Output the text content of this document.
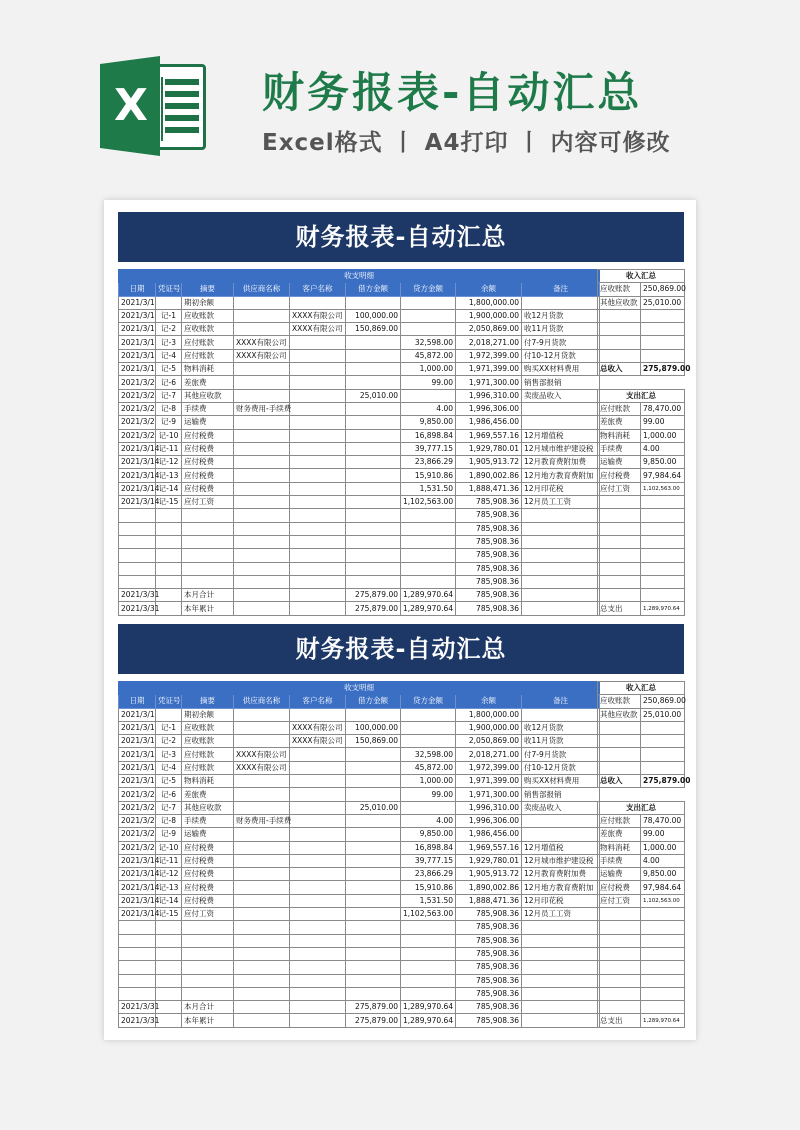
X	财务报表-自动汇总
Excel格式 丨 A4打印 丨 内容可修改
财务报表-自动汇总
收支明细								
日期	凭证号	摘要	供应商名称	客户名称	借方金额	贷方金额	余额	备注
2021/3/1		期初余额					1,800,000.00	
2021/3/1	记-1	应收账款		XXXX有限公司	100,000.00		1,900,000.00	收12月货款
2021/3/1	记-2	应收账款		XXXX有限公司	150,869.00		2,050,869.00	收11月货款
2021/3/1	记-3	应付账款	XXXX有限公司			32,598.00	2,018,271.00	付7-9月货款
2021/3/1	记-4	应付账款	XXXX有限公司			45,872.00	1,972,399.00	付10-12月货款
2021/3/1	记-5	物料消耗				1,000.00	1,971,399.00	购买XX材料费用
2021/3/2	记-6	差旅费				99.00	1,971,300.00	销售部报销
2021/3/2	记-7	其他应收款			25,010.00		1,996,310.00	卖废品收入
2021/3/2	记-8	手续费	财务费用-手续费			4.00	1,996,306.00	
2021/3/2	记-9	运输费				9,850.00	1,986,456.00	
2021/3/2	记-10	应付税费				16,898.84	1,969,557.16	12月增值税
2021/3/14	记-11	应付税费				39,777.15	1,929,780.01	12月城市维护建设税
2021/3/14	记-12	应付税费				23,866.29	1,905,913.72	12月教育费附加费
2021/3/14	记-13	应付税费				15,910.86	1,890,002.86	12月地方教育费附加
2021/3/14	记-14	应付税费				1,531.50	1,888,471.36	12月印花税
2021/3/14	记-15	应付工资				1,102,563.00	785,908.36	12月员工工资
							785,908.36	
							785,908.36	
							785,908.36	
							785,908.36	
							785,908.36	
							785,908.36	
2021/3/31		本月合计			275,879.00	1,289,970.64	785,908.36	
2021/3/31		本年累计			275,879.00	1,289,970.64	785,908.36	
收入汇总	
应收账款	250,869.00
其他应收款	25,010.00

总收入	275,879.00

支出汇总	
应付账款	78,470.00
差旅费	99.00
物料消耗	1,000.00
手续费	4.00
运输费	9,850.00
应付税费	97,984.64
应付工资	1,102,563.00

总支出	1,289,970.64
财务报表-自动汇总
收支明细								
日期	凭证号	摘要	供应商名称	客户名称	借方金额	贷方金额	余额	备注
2021/3/1		期初余额					1,800,000.00	
2021/3/1	记-1	应收账款		XXXX有限公司	100,000.00		1,900,000.00	收12月货款
2021/3/1	记-2	应收账款		XXXX有限公司	150,869.00		2,050,869.00	收11月货款
2021/3/1	记-3	应付账款	XXXX有限公司			32,598.00	2,018,271.00	付7-9月货款
2021/3/1	记-4	应付账款	XXXX有限公司			45,872.00	1,972,399.00	付10-12月货款
2021/3/1	记-5	物料消耗				1,000.00	1,971,399.00	购买XX材料费用
2021/3/2	记-6	差旅费				99.00	1,971,300.00	销售部报销
2021/3/2	记-7	其他应收款			25,010.00		1,996,310.00	卖废品收入
2021/3/2	记-8	手续费	财务费用-手续费			4.00	1,996,306.00	
2021/3/2	记-9	运输费				9,850.00	1,986,456.00	
2021/3/2	记-10	应付税费				16,898.84	1,969,557.16	12月增值税
2021/3/14	记-11	应付税费				39,777.15	1,929,780.01	12月城市维护建设税
2021/3/14	记-12	应付税费				23,866.29	1,905,913.72	12月教育费附加费
2021/3/14	记-13	应付税费				15,910.86	1,890,002.86	12月地方教育费附加
2021/3/14	记-14	应付税费				1,531.50	1,888,471.36	12月印花税
2021/3/14	记-15	应付工资				1,102,563.00	785,908.36	12月员工工资
							785,908.36	
							785,908.36	
							785,908.36	
							785,908.36	
							785,908.36	
							785,908.36	
2021/3/31		本月合计			275,879.00	1,289,970.64	785,908.36	
2021/3/31		本年累计			275,879.00	1,289,970.64	785,908.36	
收入汇总	
应收账款	250,869.00
其他应收款	25,010.00

总收入	275,879.00

支出汇总	
应付账款	78,470.00
差旅费	99.00
物料消耗	1,000.00
手续费	4.00
运输费	9,850.00
应付税费	97,984.64
应付工资	1,102,563.00

总支出	1,289,970.64
